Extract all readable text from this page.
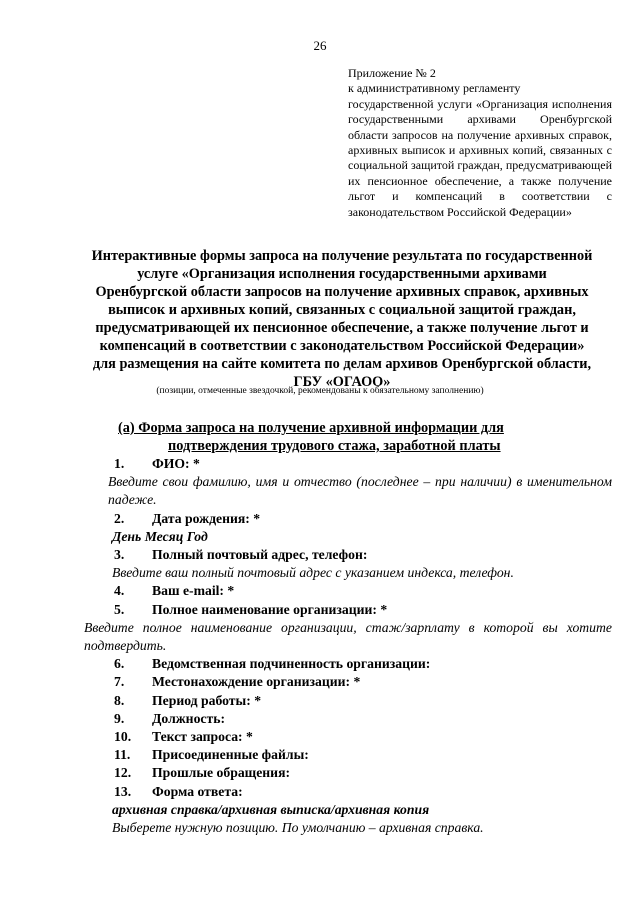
26
Приложение № 2
к административному регламенту
государственной услуги «Организация исполнения государственными архивами Оренбургской области запросов на получение архивных справок, архивных выписок и архивных копий, связанных с социальной защитой граждан, предусматривающей их пенсионное обеспечение, а также получение льгот и компенсаций в соответствии с законодательством Российской Федерации»
Интерактивные формы запроса на получение результата по государственной
услуге «Организация исполнения государственными архивами
Оренбургской области запросов на получение архивных справок, архивных
выписок и архивных копий, связанных с социальной защитой граждан,
предусматривающей их пенсионное обеспечение, а также получение льгот и
компенсаций в соответствии с законодательством Российской Федерации»
для размещения на сайте комитета по делам архивов Оренбургской области,
ГБУ «ОГАОО»
(позиции, отмеченные звездочкой, рекомендованы к обязательному заполнению)
(а) Форма запроса на получение архивной информации для
подтверждения трудового стажа, заработной платы
1.	ФИО: *
Введите свои фамилию, имя и отчество (последнее – при наличии) в именительном падеже.
2.	Дата рождения: *
День Месяц Год
3.	Полный почтовый адрес, телефон:
Введите ваш полный почтовый адрес с указанием индекса, телефон.
4.	Ваш e-mail: *
5.	Полное наименование организации: *
Введите полное наименование организации, стаж/зарплату в которой вы хотите подтвердить.
6.	Ведомственная подчиненность организации:
7.	Местонахождение организации: *
8.	Период работы: *
9.	Должность:
10.	Текст запроса: *
11.	Присоединенные файлы:
12.	Прошлые обращения:
13.	Форма ответа:
архивная справка/архивная выписка/архивная копия
Выберете нужную позицию. По умолчанию – архивная справка.
